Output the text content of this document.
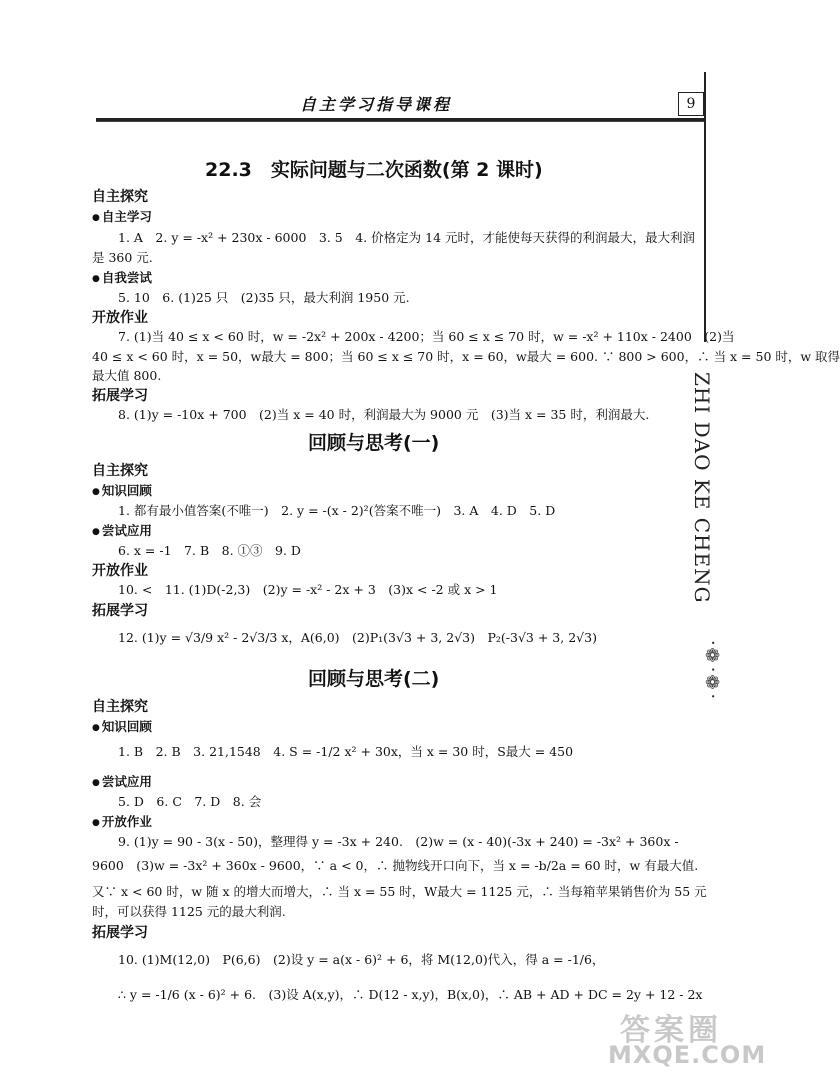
自主学习指导课程	9
ZHI DAO KE CHENG
·❁·❁·
22.3　实际问题与二次函数(第 2 课时)
自主探究
● 自主学习
1. A　2. y = -x² + 230x - 6000　3. 5　4. 价格定为 14 元时，才能使每天获得的利润最大，最大利润
是 360 元.
● 自我尝试
5. 10　6. (1)25 只　(2)35 只，最大利润 1950 元.
开放作业
7. (1)当 40 ≤ x < 60 时，w = -2x² + 200x - 4200；当 60 ≤ x ≤ 70 时，w = -x² + 110x - 2400　(2)当
40 ≤ x < 60 时，x = 50，w最大 = 800；当 60 ≤ x ≤ 70 时，x = 60，w最大 = 600. ∵ 800 > 600，∴ 当 x = 50 时，w 取得
最大值 800.
拓展学习
8. (1)y = -10x + 700　(2)当 x = 40 时，利润最大为 9000 元　(3)当 x = 35 时，利润最大.
回顾与思考(一)
自主探究
● 知识回顾
1. 都有最小值答案(不唯一)　2. y = -(x - 2)²(答案不唯一)　3. A　4. D　5. D
● 尝试应用
6. x = -1　7. B　8. ①③　9. D
开放作业
10. <　11. (1)D(-2,3)　(2)y = -x² - 2x + 3　(3)x < -2 或 x > 1
拓展学习
12. (1)y = √3/9 x² - 2√3/3 x，A(6,0)　(2)P₁(3√3 + 3, 2√3)　P₂(-3√3 + 3, 2√3)
回顾与思考(二)
自主探究
● 知识回顾
1. B　2. B　3. 21,1548　4. S = -1/2 x² + 30x，当 x = 30 时，S最大 = 450
● 尝试应用
5. D　6. C　7. D　8. 会
● 开放作业
9. (1)y = 90 - 3(x - 50)，整理得 y = -3x + 240.　(2)w = (x - 40)(-3x + 240) = -3x² + 360x -
9600　(3)w = -3x² + 360x - 9600，∵ a < 0，∴ 抛物线开口向下，当 x = -b/2a = 60 时，w 有最大值.
又∵ x < 60 时，w 随 x 的增大而增大，∴ 当 x = 55 时，W最大 = 1125 元，∴ 当每箱苹果销售价为 55 元
时，可以获得 1125 元的最大利润.
拓展学习
10. (1)M(12,0)　P(6,6)　(2)设 y = a(x - 6)² + 6，将 M(12,0)代入，得 a = -1/6，
∴ y = -1/6 (x - 6)² + 6.　(3)设 A(x,y)，∴ D(12 - x,y)，B(x,0)，∴ AB + AD + DC = 2y + 12 - 2x
答案圈
MXQE.COM
